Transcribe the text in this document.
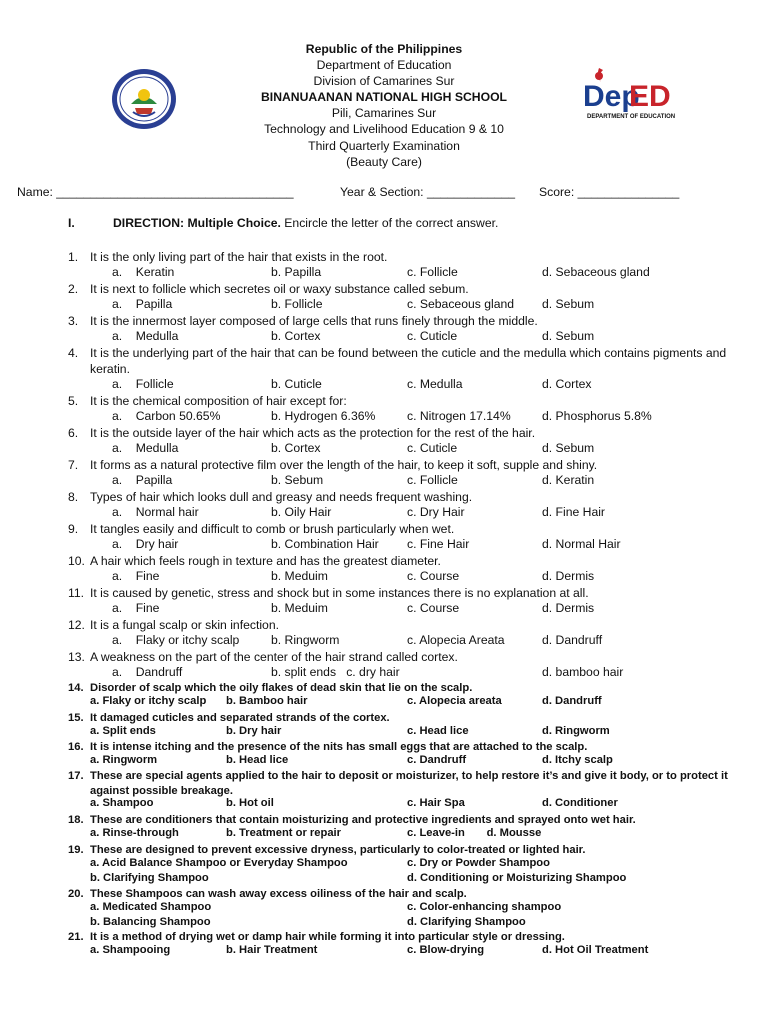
Republic of the Philippines
Department of Education
Division of Camarines Sur
BINANUAANAN NATIONAL HIGH SCHOOL
Pili, Camarines Sur
Technology and Livelihood Education 9 & 10
Third Quarterly Examination
(Beauty Care)
Dep
ED
DEPARTMENT OF EDUCATION
Name: ___________________________________	Year & Section: _____________ Score: _______________
I.	DIRECTION: Multiple Choice. Encircle the letter of the correct answer.
1. It is the only living part of the hair that exists in the root.
a.    Keratin	b. Papilla	c. Follicle	d. Sebaceous gland
2. It is next to follicle which secretes oil or waxy substance called sebum.
a.    Papilla	b. Follicle	c. Sebaceous gland d. Sebum
3. It is the innermost layer composed of large cells that runs finely through the middle.
a.    Medulla	b. Cortex	c. Cuticle	d. Sebum
4. It is the underlying part of the hair that can be found between the cuticle and the medulla which contains pigments and keratin.
a.    Follicle	b. Cuticle	c. Medulla	d. Cortex
5. It is the chemical composition of hair except for:
a.    Carbon 50.65%	b. Hydrogen 6.36%	c. Nitrogen 17.14%	d. Phosphorus 5.8%
6. It is the outside layer of the hair which acts as the protection for the rest of the hair.
a.    Medulla	b. Cortex	c. Cuticle	d. Sebum
7. It forms as a natural protective film over the length of the hair, to keep it soft, supple and shiny.
a.    Papilla	b. Sebum	c. Follicle	d. Keratin
8. Types of hair which looks dull and greasy and needs frequent washing.
a.    Normal hair	b. Oily Hair	c. Dry Hair	d. Fine Hair
9. It tangles easily and difficult to comb or brush particularly when wet.
a.    Dry hair	b. Combination Hair c. Fine Hair	d. Normal Hair
10. A hair which feels rough in texture and has the greatest diameter.
a.    Fine	b. Meduim	c. Course	d. Dermis
11. It is caused by genetic, stress and shock but in some instances there is no explanation at all.
a.    Fine	b. Meduim	c. Course	d. Dermis
12. It is a fungal scalp or skin infection.
a.    Flaky or itchy scalp	b. Ringworm	c. Alopecia Areata	d. Dandruff
13. A weakness on the part of the center of the hair strand called cortex.
a.    Dandruff	b. split ends   c. dry hair	d. bamboo hair
14. Disorder of scalp which the oily flakes of dead skin that lie on the scalp.
a. Flaky or itchy scalp b. Bamboo hair	c. Alopecia areata	d. Dandruff
15. It damaged cuticles and separated strands of the cortex.
a. Split ends	b. Dry hair	c. Head lice	d. Ringworm
16. It is intense itching and the presence of the nits has small eggs that are attached to the scalp.
a. Ringworm	b. Head lice	c. Dandruff	d. Itchy scalp
17. These are special agents applied to the hair to deposit or moisturizer, to help restore it’s and give it body, or to protect it against possible breakage.
a. Shampoo	b. Hot oil	c. Hair Spa	d. Conditioner
18. These are conditioners that contain moisturizing and protective ingredients and sprayed onto wet hair.
a. Rinse-through	b. Treatment or repair	c. Leave-in       d. Mousse
19. These are designed to prevent excessive dryness, particularly to color-treated or lighted hair.
a. Acid Balance Shampoo or Everyday Shampoo	c. Dry or Powder Shampoo
b. Clarifying Shampoo	d. Conditioning or Moisturizing Shampoo
20. These Shampoos can wash away excess oiliness of the hair and scalp.
a. Medicated Shampoo	c. Color-enhancing shampoo
b. Balancing Shampoo	d. Clarifying Shampoo
21. It is a method of drying wet or damp hair while forming it into particular style or dressing.
a. Shampooing	b. Hair Treatment	c. Blow-drying	d. Hot Oil Treatment
